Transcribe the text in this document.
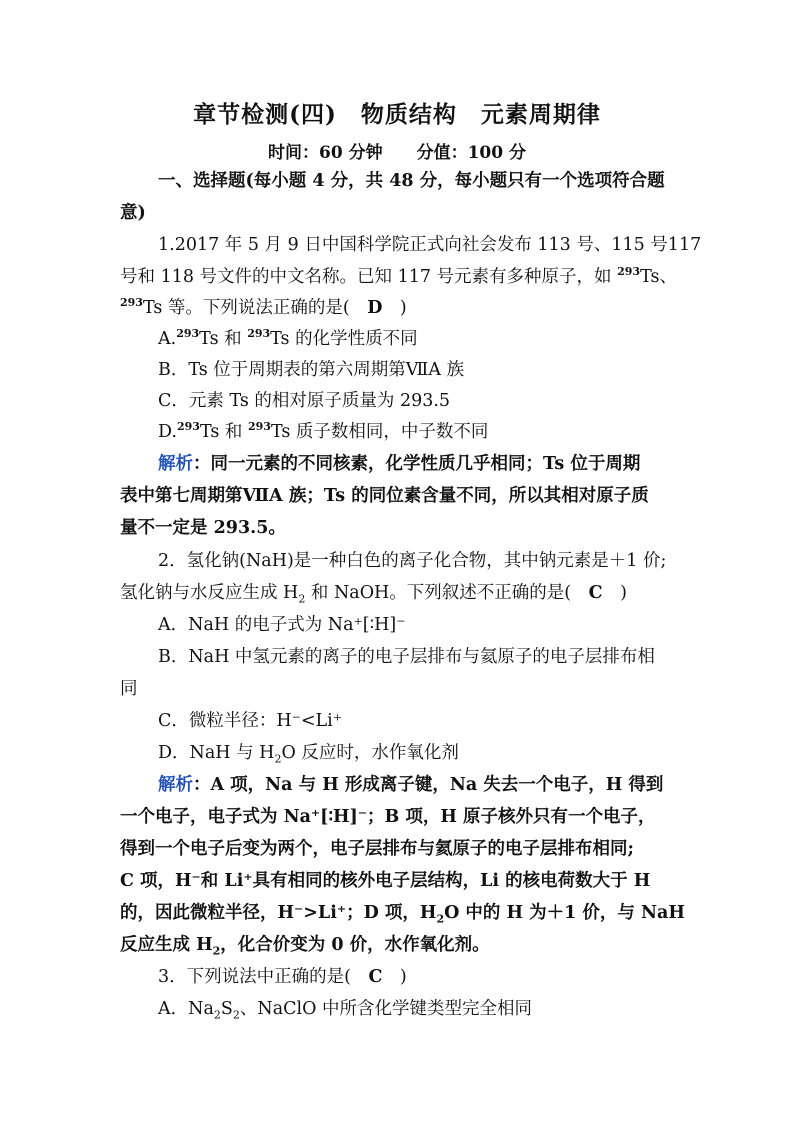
章节检测(四)　物质结构　元素周期律
时间：60 分钟　　分值：100 分
一、选择题(每小题 4 分，共 48 分，每小题只有一个选项符合题
意)
1.2017 年 5 月 9 日中国科学院正式向社会发布 113 号、115 号117
号和 118 号文件的中文名称。已知 117 号元素有多种原子，如 $^{293}$Ts、
$^{293}$Ts 等。下列说法正确的是(　D　)
A.$^{293}$Ts 和 $^{293}$Ts 的化学性质不同
B．Ts 位于周期表的第六周期第ⅦA 族
C．元素 Ts 的相对原子质量为 293.5
D.$^{293}$Ts 和 $^{293}$Ts 质子数相同，中子数不同
解析：同一元素的不同核素，化学性质几乎相同；Ts 位于周期
表中第七周期第ⅦA 族；Ts 的同位素含量不同，所以其相对原子质
量不一定是 293.5。
2．氢化钠(NaH)是一种白色的离子化合物，其中钠元素是＋1 价;
氢化钠与水反应生成 $H_2$ 和 NaOH。下列叙述不正确的是(　C　)
A．NaH 的电子式为 Na⁺[∶H]⁻
B．NaH 中氢元素的离子的电子层排布与氦原子的电子层排布相
同
C．微粒半径：H⁻<Li⁺
D．NaH 与 $H_2O$ 反应时，水作氧化剂
解析：A 项，Na 与 H 形成离子键，Na 失去一个电子，H 得到
一个电子，电子式为 Na⁺[∶H]⁻；B 项，H 原子核外只有一个电子，
得到一个电子后变为两个，电子层排布与氦原子的电子层排布相同;
C 项，H⁻和 Li⁺具有相同的核外电子层结构，Li 的核电荷数大于 H
的，因此微粒半径，H⁻>Li⁺；D 项，$H_2O$ 中的 H 为＋1 价，与 NaH
反应生成 $H_2$，化合价变为 0 价，水作氧化剂。
3．下列说法中正确的是(　C　)
A．$Na_2S_2$、NaClO 中所含化学键类型完全相同
